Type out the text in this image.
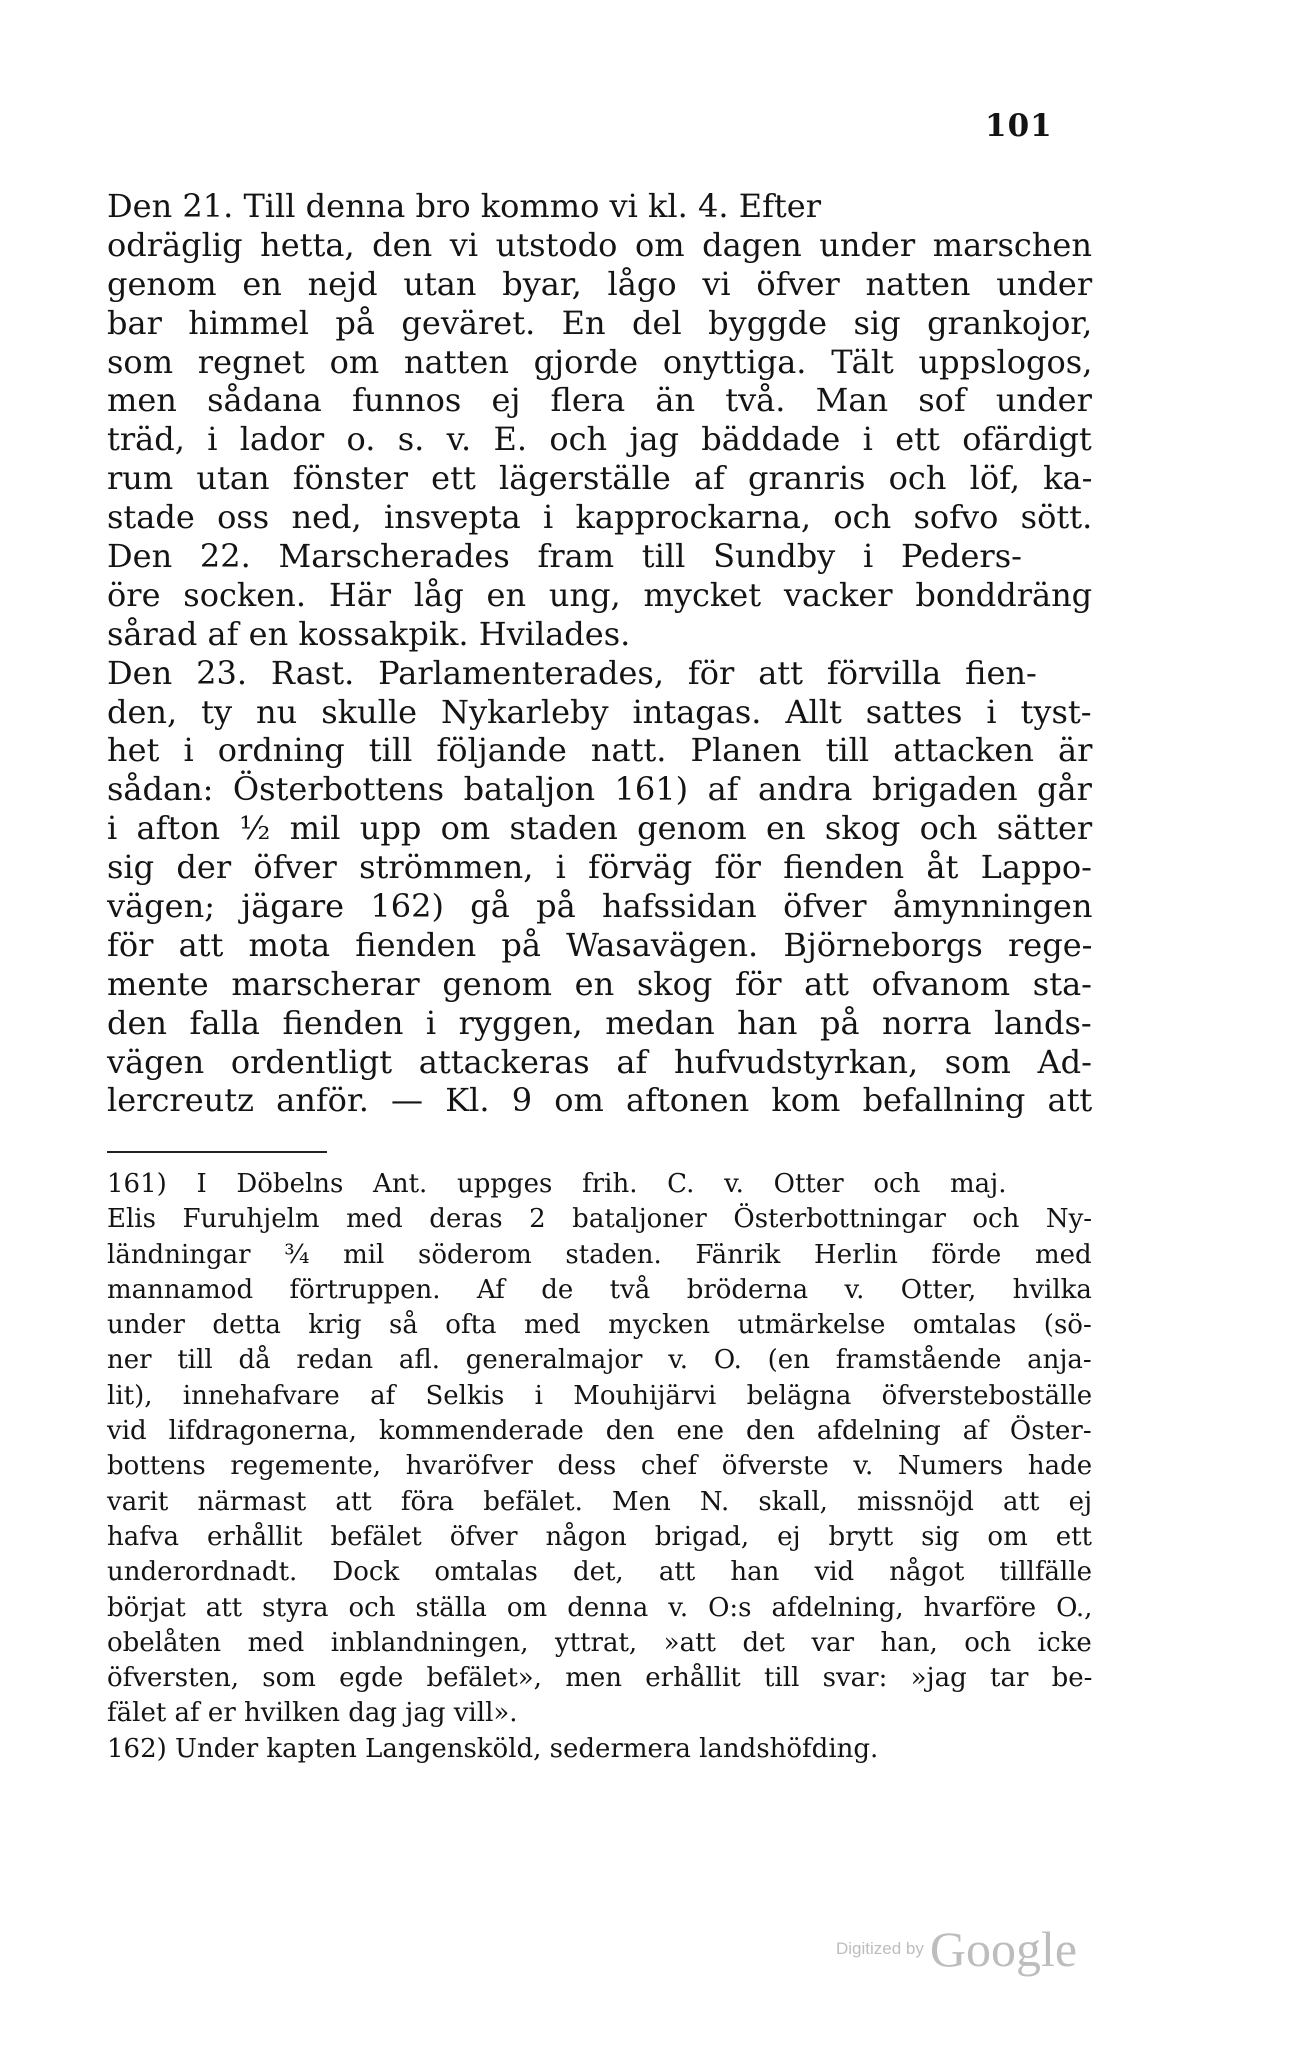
101
Den 21. Till denna bro kommo vi kl. 4. Efter
odräglig hetta, den vi utstodo om dagen under marschen
genom en nejd utan byar, lågo vi öfver natten under
bar himmel på geväret. En del byggde sig grankojor,
som regnet om natten gjorde onyttiga. Tält uppslogos,
men sådana funnos ej flera än två. Man sof under
träd, i lador o. s. v. E. och jag bäddade i ett ofärdigt
rum utan fönster ett lägerställe af granris och löf, ka-
stade oss ned, insvepta i kapprockarna, och sofvo sött.
Den 22. Marscherades fram till Sundby i Peders-
öre socken. Här låg en ung, mycket vacker bonddräng
sårad af en kossakpik. Hvilades.
Den 23. Rast. Parlamenterades, för att förvilla fien-
den, ty nu skulle Nykarleby intagas. Allt sattes i tyst-
het i ordning till följande natt. Planen till attacken är
sådan: Österbottens bataljon 161) af andra brigaden går
i afton ½ mil upp om staden genom en skog och sätter
sig der öfver strömmen, i förväg för fienden åt Lappo-
vägen; jägare 162) gå på hafssidan öfver åmynningen
för att mota fienden på Wasavägen. Björneborgs rege-
mente marscherar genom en skog för att ofvanom sta-
den falla fienden i ryggen, medan han på norra lands-
vägen ordentligt attackeras af hufvudstyrkan, som Ad-
lercreutz anför. — Kl. 9 om aftonen kom befallning att
161) I Döbelns Ant. uppges frih. C. v. Otter och maj.
Elis Furuhjelm med deras 2 bataljoner Österbottningar och Ny-
ländningar ¾ mil söderom staden. Fänrik Herlin förde med
mannamod förtruppen. Af de två bröderna v. Otter, hvilka
under detta krig så ofta med mycken utmärkelse omtalas (sö-
ner till då redan afl. generalmajor v. O. (en framstående anja-
lit), innehafvare af Selkis i Mouhijärvi belägna öfversteboställe
vid lifdragonerna, kommenderade den ene den afdelning af Öster-
bottens regemente, hvaröfver dess chef öfverste v. Numers hade
varit närmast att föra befälet. Men N. skall, missnöjd att ej
hafva erhållit befälet öfver någon brigad, ej brytt sig om ett
underordnadt. Dock omtalas det, att han vid något tillfälle
börjat att styra och ställa om denna v. O:s afdelning, hvarföre O.,
obelåten med inblandningen, yttrat, »att det var han, och icke
öfversten, som egde befälet», men erhållit till svar: »jag tar be-
fälet af er hvilken dag jag vill».
162) Under kapten Langensköld, sedermera landshöfding.
Digitized by Google
